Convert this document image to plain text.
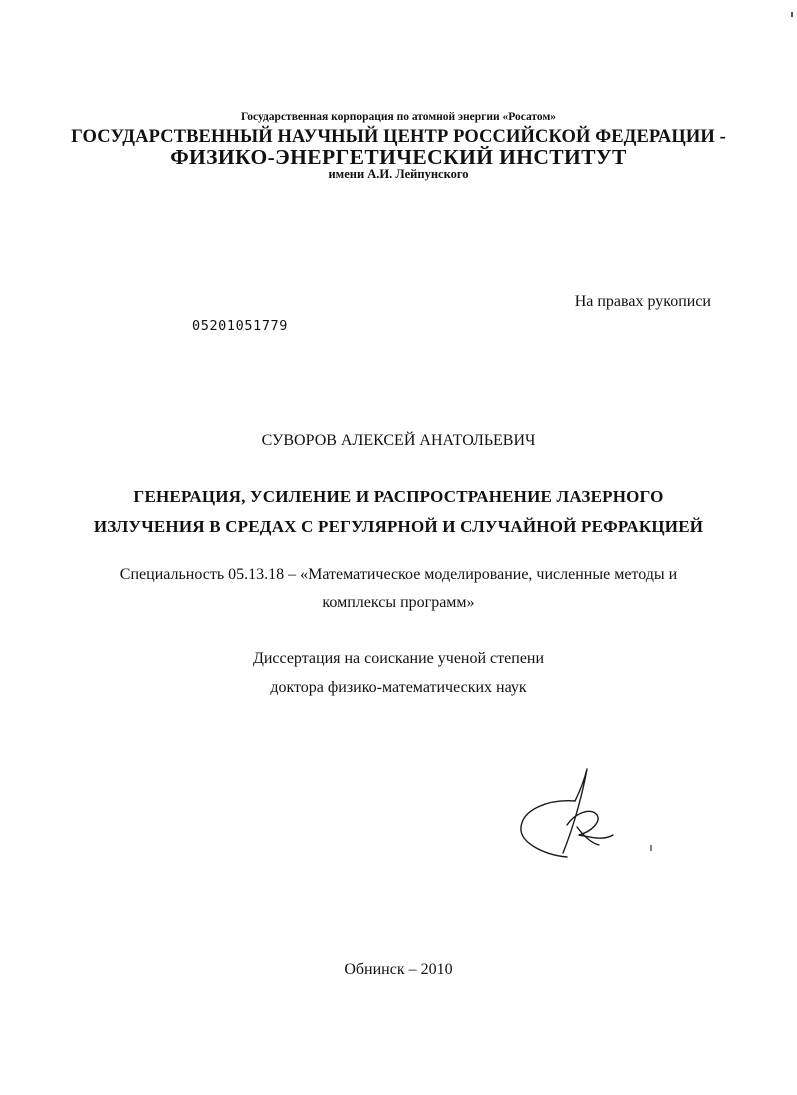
Государственная корпорация по атомной энергии «Росатом»
ГОСУДАРСТВЕННЫЙ НАУЧНЫЙ ЦЕНТР РОССИЙСКОЙ ФЕДЕРАЦИИ -
ФИЗИКО-ЭНЕРГЕТИЧЕСКИЙ ИНСТИТУТ
имени А.И. Лейпунского
На правах рукописи
05201051779
СУВОРОВ АЛЕКСЕЙ АНАТОЛЬЕВИЧ
ГЕНЕРАЦИЯ, УСИЛЕНИЕ И РАСПРОСТРАНЕНИЕ ЛАЗЕРНОГО
ИЗЛУЧЕНИЯ В СРЕДАХ С РЕГУЛЯРНОЙ И СЛУЧАЙНОЙ РЕФРАКЦИЕЙ
Специальность 05.13.18 – «Математическое моделирование, численные методы и
комплексы программ»
Диссертация на соискание ученой степени
доктора физико-математических наук
Обнинск – 2010
